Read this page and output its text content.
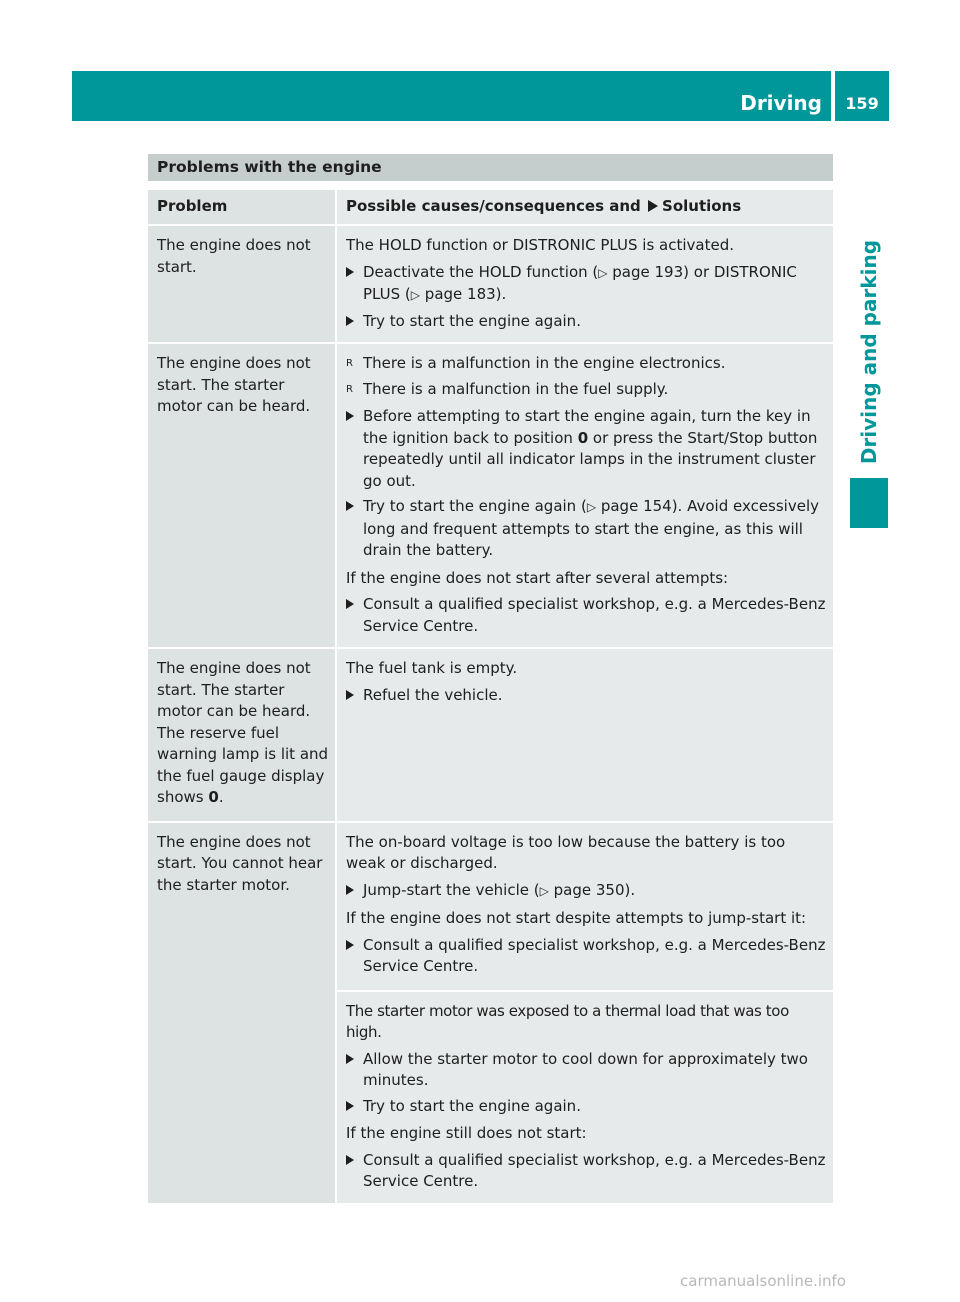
Driving	159
Driving and parking
Problems with the engine
Problem	Possible causes/consequences and Solutions
The engine does not start.
The HOLD function or DISTRONIC PLUS is activated.
Deactivate the HOLD function (▷ page 193) or DISTRONIC PLUS (▷ page 183).
Try to start the engine again.
The engine does not start. The starter motor can be heard.
R There is a malfunction in the engine electronics.
R There is a malfunction in the fuel supply.
Before attempting to start the engine again, turn the key in the ignition back to position 0 or press the Start/Stop button repeatedly until all indicator lamps in the instrument cluster go out.
Try to start the engine again (▷ page 154). Avoid excessively long and frequent attempts to start the engine, as this will drain the battery.
If the engine does not start after several attempts:
Consult a qualified specialist workshop, e.g. a Mercedes-Benz Service Centre.
The engine does not start. The starter motor can be heard. The reserve fuel warning lamp is lit and the fuel gauge display shows 0.
The fuel tank is empty.
Refuel the vehicle.
The engine does not start. You cannot hear the starter motor.
The on-board voltage is too low because the battery is too weak or discharged.
Jump-start the vehicle (▷ page 350).
If the engine does not start despite attempts to jump-start it:
Consult a qualified specialist workshop, e.g. a Mercedes-Benz Service Centre.
The starter motor was exposed to a thermal load that was too high.
Allow the starter motor to cool down for approximately two minutes.
Try to start the engine again.
If the engine still does not start:
Consult a qualified specialist workshop, e.g. a Mercedes-Benz Service Centre.
carmanualsonline.info
